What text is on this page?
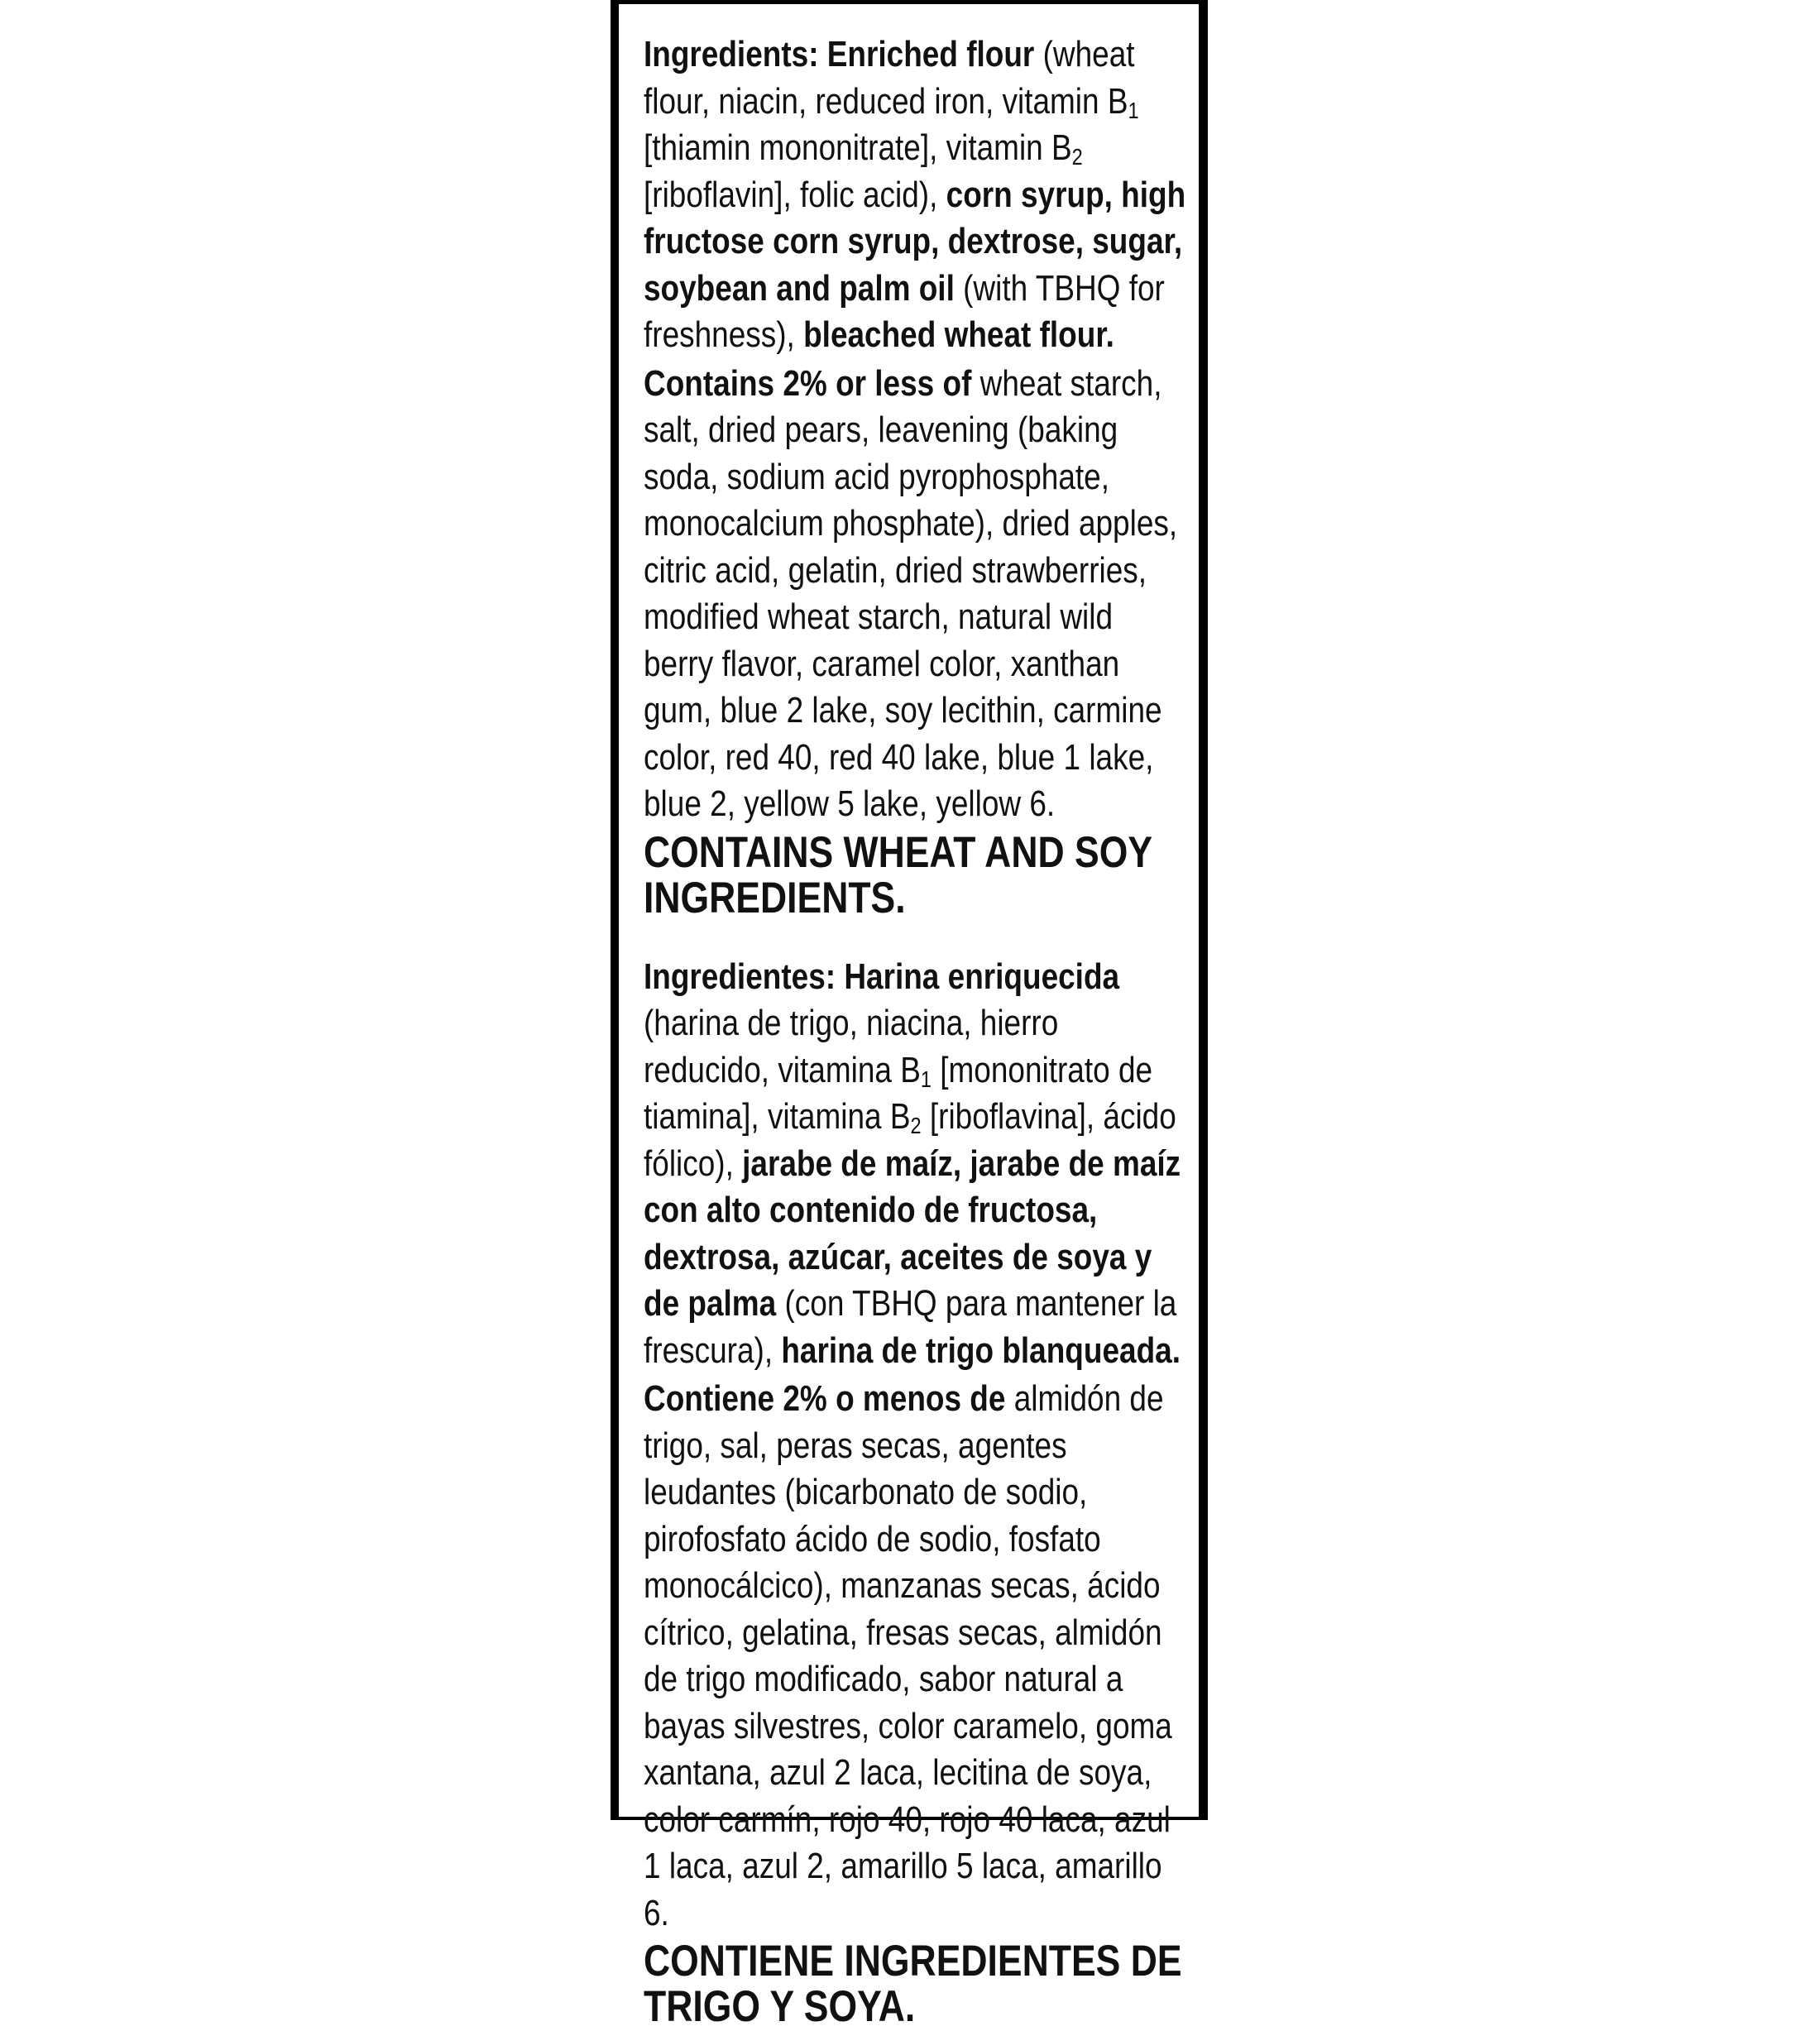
Ingredients: Enriched flour (wheat flour, niacin, reduced iron, vitamin $B_1$ [thiamin mononitrate], vitamin $B_2$ [riboflavin], folic acid), corn syrup, high fructose corn syrup, dextrose, sugar, soybean and palm oil (with TBHQ for freshness), bleached wheat flour.

Contains 2% or less of wheat starch, salt, dried pears, leavening (baking soda, sodium acid pyrophosphate, monocalcium phosphate), dried apples, citric acid, gelatin, dried strawberries, modified wheat starch, natural wild berry flavor, caramel color, xanthan gum, blue 2 lake, soy lecithin, carmine color, red 40, red 40 lake, blue 1 lake, blue 2, yellow 5 lake, yellow 6.

CONTAINS WHEAT AND SOY INGREDIENTS.

Ingredientes: Harina enriquecida (harina de trigo, niacina, hierro reducido, vitamina $B_1$ [mononitrato de tiamina], vitamina $B_2$ [riboflavina], ácido fólico), jarabe de maíz, jarabe de maíz con alto contenido de fructosa, dextrosa, azúcar, aceites de soya y de palma (con TBHQ para mantener la frescura), harina de trigo blanqueada.

Contiene 2% o menos de almidón de trigo, sal, peras secas, agentes leudantes (bicarbonato de sodio, pirofosfato ácido de sodio, fosfato monocálcico), manzanas secas, ácido cítrico, gelatina, fresas secas, almidón de trigo modificado, sabor natural a bayas silvestres, color caramelo, goma xantana, azul 2 laca, lecitina de soya, color carmín, rojo 40, rojo 40 laca, azul 1 laca, azul 2, amarillo 5 laca, amarillo 6.

CONTIENE INGREDIENTES DE TRIGO Y SOYA.
